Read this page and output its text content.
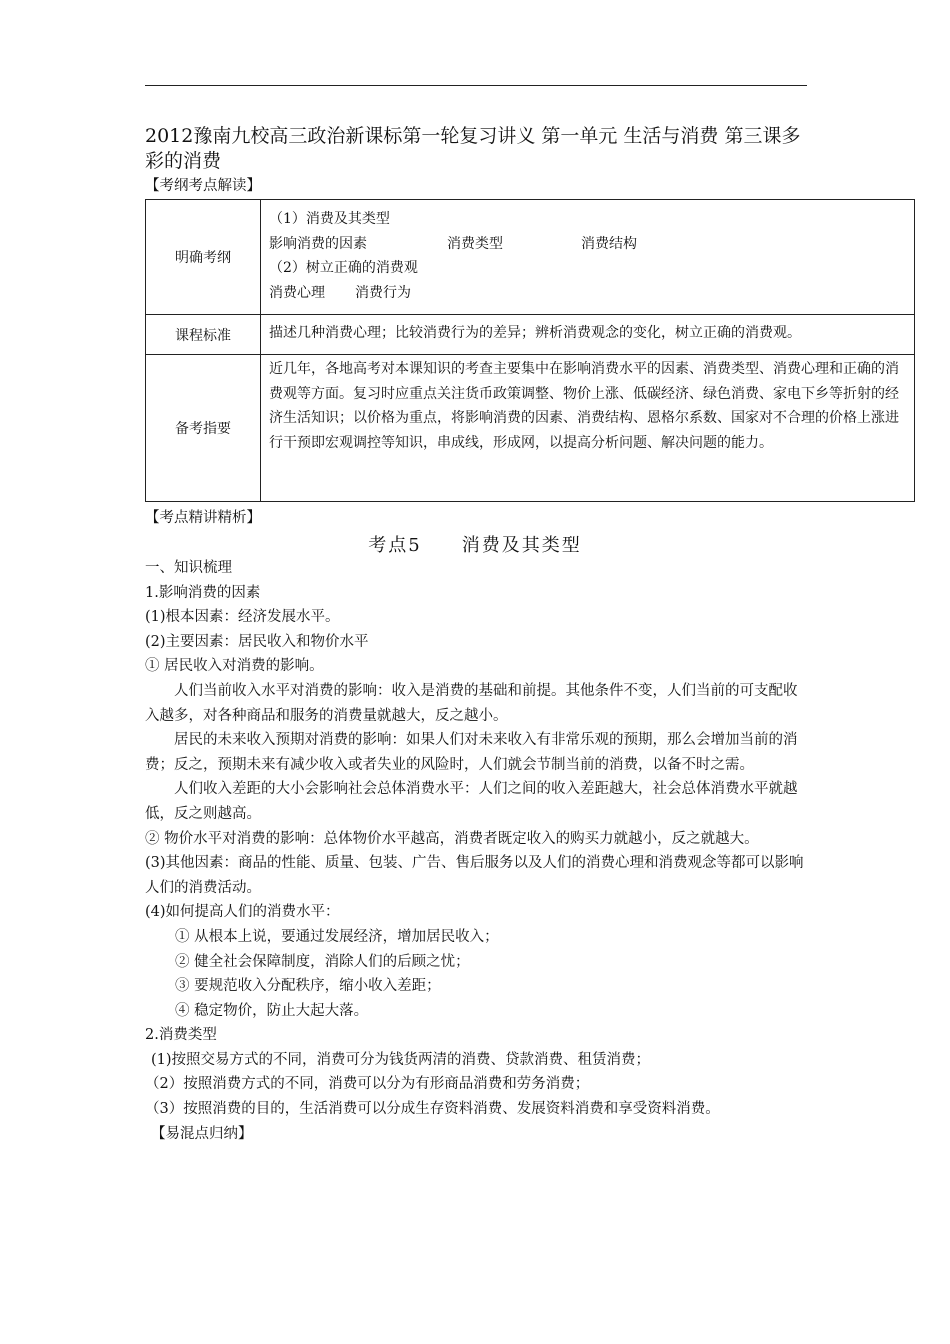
2012豫南九校高三政治新课标第一轮复习讲义 第一单元 生活与消费 第三课多彩的消费
【考纲考点解读】
明确考纲	（1）消费及其类型
影响消费的因素 消费类型 消费结构
（2）树立正确的消费观
消费心理 消费行为

课程标准	描述几种消费心理；比较消费行为的差异；辨析消费观念的变化，树立正确的消费观。
备考指要	近几年，各地高考对本课知识的考查主要集中在影响消费水平的因素、消费类型、消费心理和正确的消费观等方面。复习时应重点关注货币政策调整、物价上涨、低碳经济、绿色消费、家电下乡等折射的经济生活知识；以价格为重点，将影响消费的因素、消费结构、恩格尔系数、国家对不合理的价格上涨进行干预即宏观调控等知识，串成线，形成网，以提高分析问题、解决问题的能力。
【考点精讲精析】
考点5　　消费及其类型

一、知识梳理

1.影响消费的因素

(1)根本因素：经济发展水平。

(2)主要因素：居民收入和物价水平

① 居民收入对消费的影响。

人们当前收入水平对消费的影响：收入是消费的基础和前提。其他条件不变，人们当前的可支配收入越多，对各种商品和服务的消费量就越大，反之越小。

居民的未来收入预期对消费的影响：如果人们对未来收入有非常乐观的预期，那么会增加当前的消费；反之，预期未来有减少收入或者失业的风险时，人们就会节制当前的消费，以备不时之需。

人们收入差距的大小会影响社会总体消费水平：人们之间的收入差距越大，社会总体消费水平就越低，反之则越高。

② 物价水平对消费的影响：总体物价水平越高，消费者既定收入的购买力就越小，反之就越大。

(3)其他因素：商品的性能、质量、包装、广告、售后服务以及人们的消费心理和消费观念等都可以影响人们的消费活动。

(4)如何提高人们的消费水平：

① 从根本上说，要通过发展经济，增加居民收入；

② 健全社会保障制度，消除人们的后顾之忧；

③ 要规范收入分配秩序，缩小收入差距；

④ 稳定物价，防止大起大落。

2.消费类型

(1)按照交易方式的不同，消费可分为钱货两清的消费、贷款消费、租赁消费；

（2）按照消费方式的不同，消费可以分为有形商品消费和劳务消费；

（3）按照消费的目的，生活消费可以分成生存资料消费、发展资料消费和享受资料消费。

【易混点归纳】
